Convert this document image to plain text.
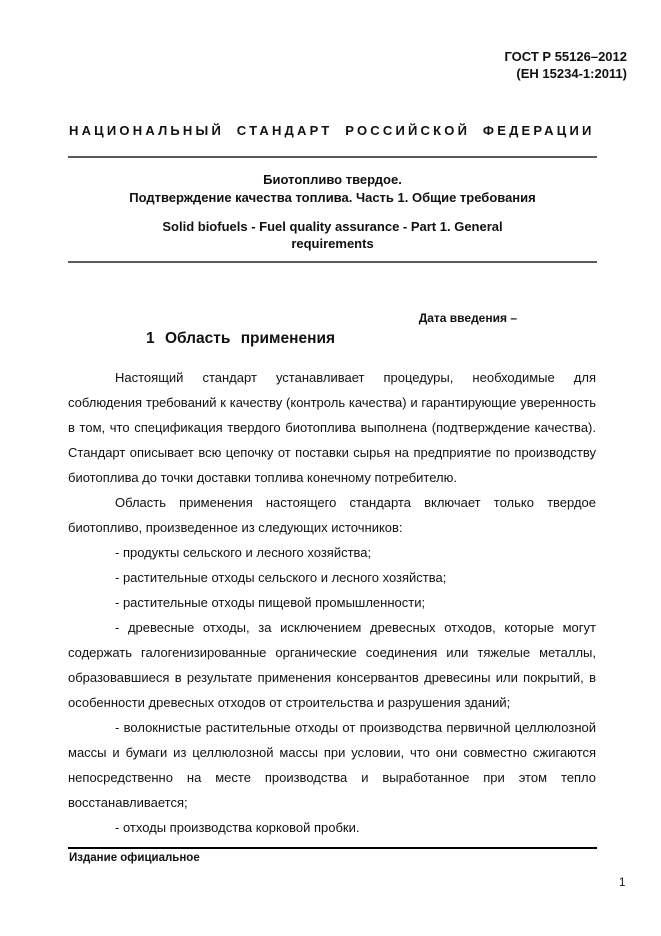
ГОСТ Р 55126–2012
(ЕН 15234-1:2011)
НАЦИОНАЛЬНЫЙ СТАНДАРТ РОССИЙСКОЙ ФЕДЕРАЦИИ
Биотопливо твердое.
Подтверждение качества топлива. Часть 1. Общие требования
Solid biofuels - Fuel quality assurance - Part 1. General
requirements
Дата введения –
1 Область применения

Настоящий стандарт устанавливает процедуры, необходимые для соблюдения требований к качеству (контроль качества) и гарантирующие уверенность в том, что спецификация твердого биотоплива выполнена (подтверждение качества). Стандарт описывает всю цепочку от поставки сырья на предприятие по производству биотоплива до точки доставки топлива конечному потребителю.

Область применения настоящего стандарта включает только твердое биотопливо, произведенное из следующих источников:

- продукты сельского и лесного хозяйства;

- растительные отходы сельского и лесного хозяйства;

- растительные отходы пищевой промышленности;

- древесные отходы, за исключением древесных отходов, которые могут содержать галогенизированные органические соединения или тяжелые металлы, образовавшиеся в результате применения консервантов древесины или покрытий, в особенности древесных отходов от строительства и разрушения зданий;

- волокнистые растительные отходы от производства первичной целлюлозной массы и бумаги из целлюлозной массы при условии, что они совместно сжигаются непосредственно на месте производства и выработанное при этом тепло восстанавливается;

- отходы производства корковой пробки.

Издание официальное
1
